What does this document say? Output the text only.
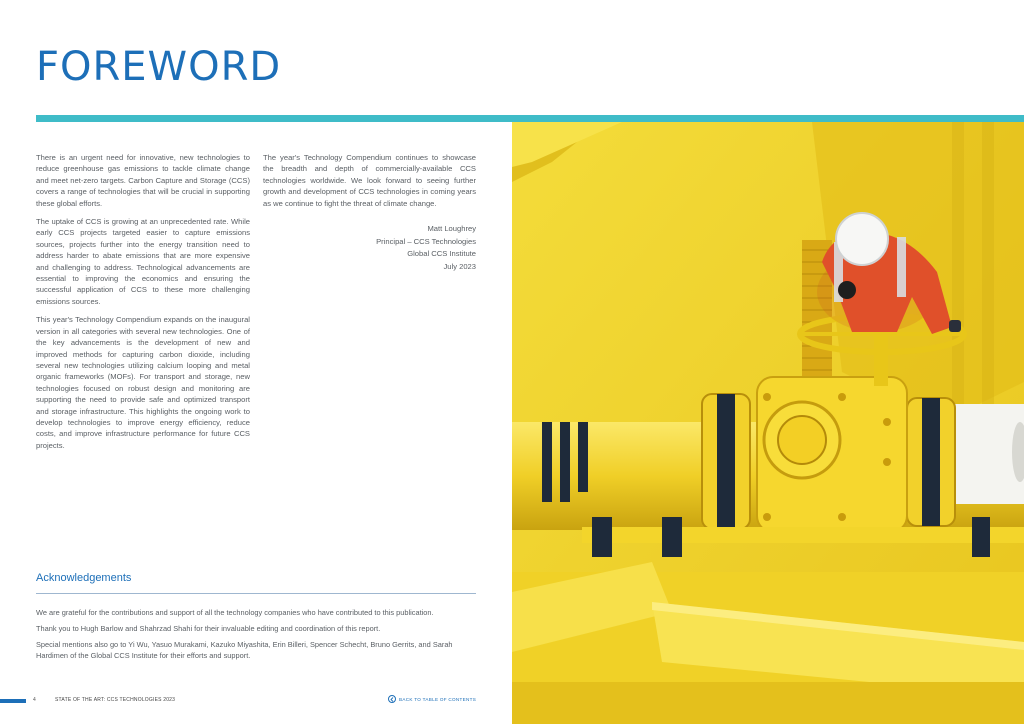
FOREWORD

There is an urgent need for innovative, new technologies to reduce greenhouse gas emissions to tackle climate change and meet net-zero targets. Carbon Capture and Storage (CCS) covers a range of technologies that will be crucial in supporting these global efforts.

The uptake of CCS is growing at an unprecedented rate. While early CCS projects targeted easier to capture emissions sources, projects further into the energy transition need to address harder to abate emissions that are more expensive and challenging to address. Technological advancements are essential to improving the economics and ensuring the successful application of CCS to these more challenging emissions sources.

This year's Technology Compendium expands on the inaugural version in all categories with several new technologies. One of the key advancements is the development of new and improved methods for capturing carbon dioxide, including several new technologies utilizing calcium looping and metal organic frameworks (MOFs). For transport and storage, new technologies focused on robust design and monitoring are supporting the need to provide safe and optimized transport and storage infrastructure. This highlights the ongoing work to develop technologies to improve energy efficiency, reduce costs, and improve infrastructure performance for future CCS projects.

The year's Technology Compendium continues to showcase the breadth and depth of commercially-available CCS technologies worldwide. We look forward to seeing further growth and development of CCS technologies in coming years as we continue to fight the threat of climate change.

Matt Loughrey
Principal – CCS Technologies
Global CCS Institute
July 2023
Acknowledgements

We are grateful for the contributions and support of all the technology companies who have contributed to this publication.

Thank you to Hugh Barlow and Shahrzad Shahi for their invaluable editing and coordination of this report.

Special mentions also go to Yi Wu, Yasuo Murakami, Kazuko Miyashita, Erin Billeri, Spencer Schecht, Bruno Gerrits, and Sarah Hardimen of the Global CCS Institute for their efforts and support.

4	STATE OF THE ART: CCS TECHNOLOGIES 2023	BACK TO TABLE OF CONTENTS
